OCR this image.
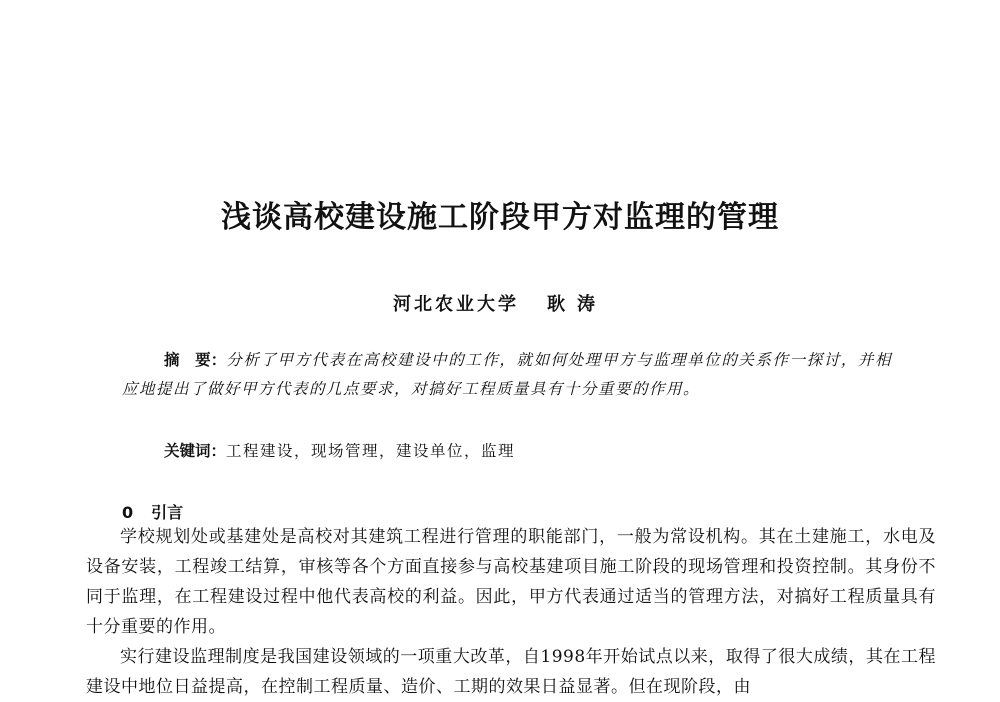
浅谈高校建设施工阶段甲方对监理的管理
河北农业大学 耿涛
摘　要：分析了甲方代表在高校建设中的工作，就如何处理甲方与监理单位的关系作一探讨，并相应地提出了做好甲方代表的几点要求，对搞好工程质量具有十分重要的作用。
关键词：工程建设，现场管理，建设单位，监理
0 引言

学校规划处或基建处是高校对其建筑工程进行管理的职能部门，一般为常设机构。其在土建施工，水电及设备安装，工程竣工结算，审核等各个方面直接参与高校基建项目施工阶段的现场管理和投资控制。其身份不同于监理，在工程建设过程中他代表高校的利益。因此，甲方代表通过适当的管理方法，对搞好工程质量具有十分重要的作用。

实行建设监理制度是我国建设领域的一项重大改革，自1998年开始试点以来，取得了很大成绩，其在工程建设中地位日益提高，在控制工程质量、造价、工期的效果日益显著。但在现阶段，由
